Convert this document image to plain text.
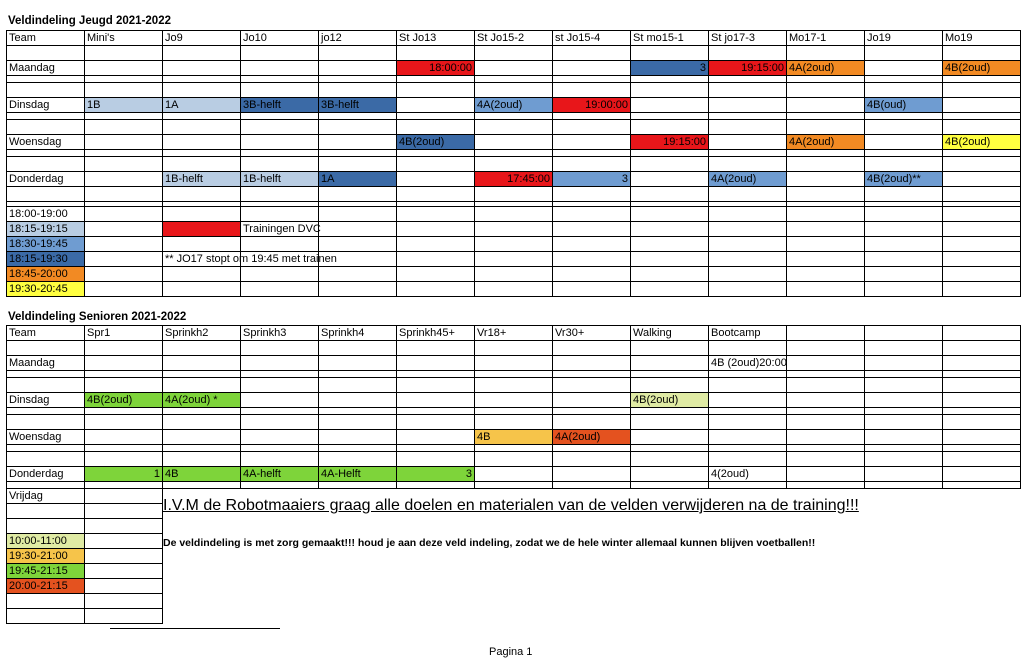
Veldindeling Jeugd 2021-2022
Team	Mini's	Jo9	Jo10	jo12	St Jo13	St Jo15-2	st Jo15-4	St mo15-1	St jo17-3	Mo17-1	Jo19	Mo19

Maandag					18:00:00			3	19:15:00	4A(2oud)		4B(2oud)

Dinsdag	1B	1A	3B-helft	3B-helft		4A(2oud)	19:00:00				4B(oud)	

Woensdag					4B(2oud)			19:15:00		4A(2oud)		4B(2oud)

Donderdag		1B-helft	1B-helft	1A		17:45:00	3		4A(2oud)		4B(2oud)**	

18:00-19:00												
18:15-19:15			Trainingen DVC									
18:30-19:45												
18:15-19:30		** JO17 stopt om 19:45 met trainen										
18:45-20:00												
19:30-20:45												
Veldindeling Senioren 2021-2022
Team	Spr1	Sprinkh2	Sprinkh3	Sprinkh4	Sprinkh45+	Vr18+	Vr30+	Walking	Bootcamp			

Maandag									4B (2oud)20:00			

Dinsdag	4B(2oud)	4A(2oud) *						4B(2oud)				

Woensdag						4B	4A(2oud)					

Donderdag	1	4B	4A-helft	4A-Helft	3				4(2oud)			

Vrijdag												

10:00-11:00												
19:30-21:00												
19:45-21:15												
20:00-21:15												

I.V.M de Robotmaaiers graag alle doelen en materialen van de velden verwijderen na de training!!!
De veldindeling is met zorg gemaakt!!! houd je aan deze veld indeling, zodat we de hele winter allemaal kunnen blijven voetballen!!
Pagina 1
